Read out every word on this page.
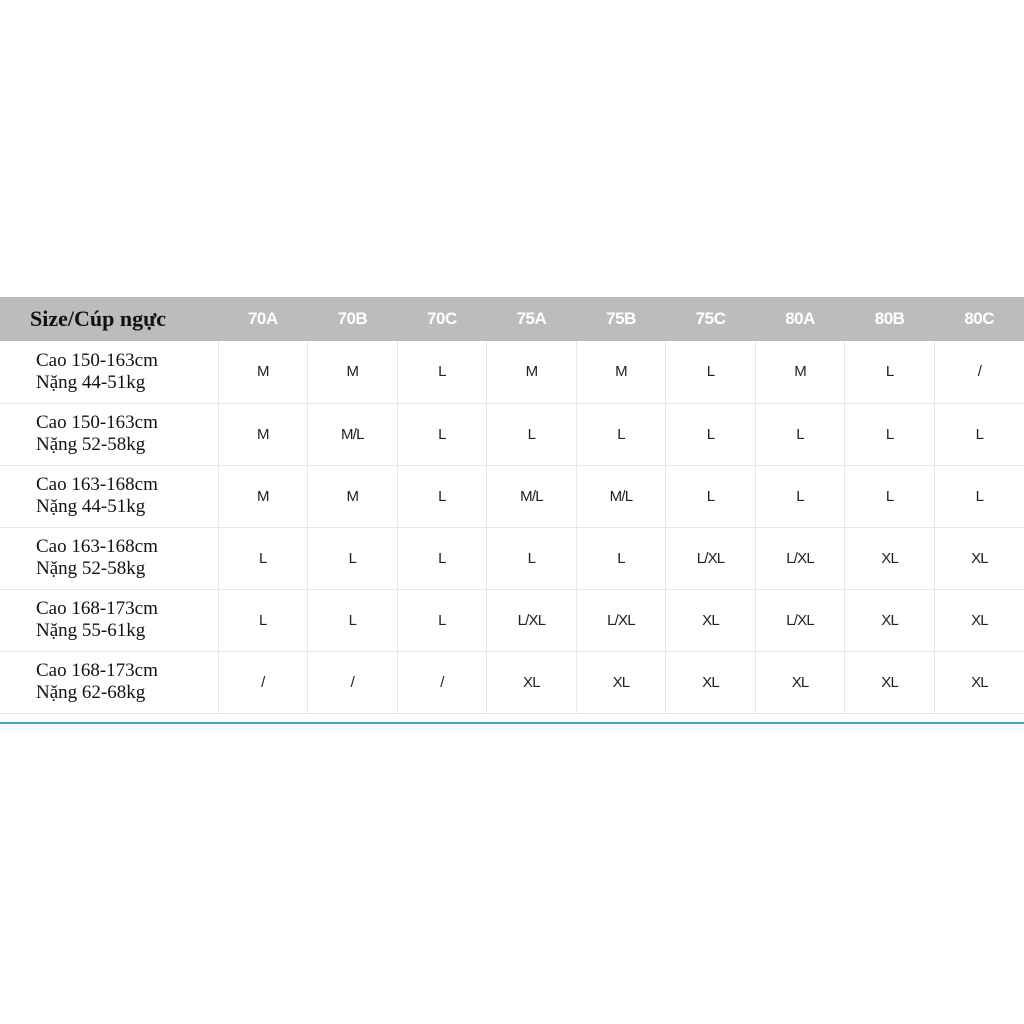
Size/Cúp ngực	70A	70B	70C	75A	75B	75C	80A	80B	80C

Cao 150-163cm
Nặng 44-51kg	M	M	L	M	M	L	M	L	/

Cao 150-163cm
Nặng 52-58kg	M	M/L	L	L	L	L	L	L	L

Cao 163-168cm
Nặng 44-51kg	M	M	L	M/L	M/L	L	L	L	L

Cao 163-168cm
Nặng 52-58kg	L	L	L	L	L	L/XL	L/XL	XL	XL

Cao 168-173cm
Nặng 55-61kg	L	L	L	L/XL	L/XL	XL	L/XL	XL	XL

Cao 168-173cm
Nặng 62-68kg	/	/	/	XL	XL	XL	XL	XL	XL
